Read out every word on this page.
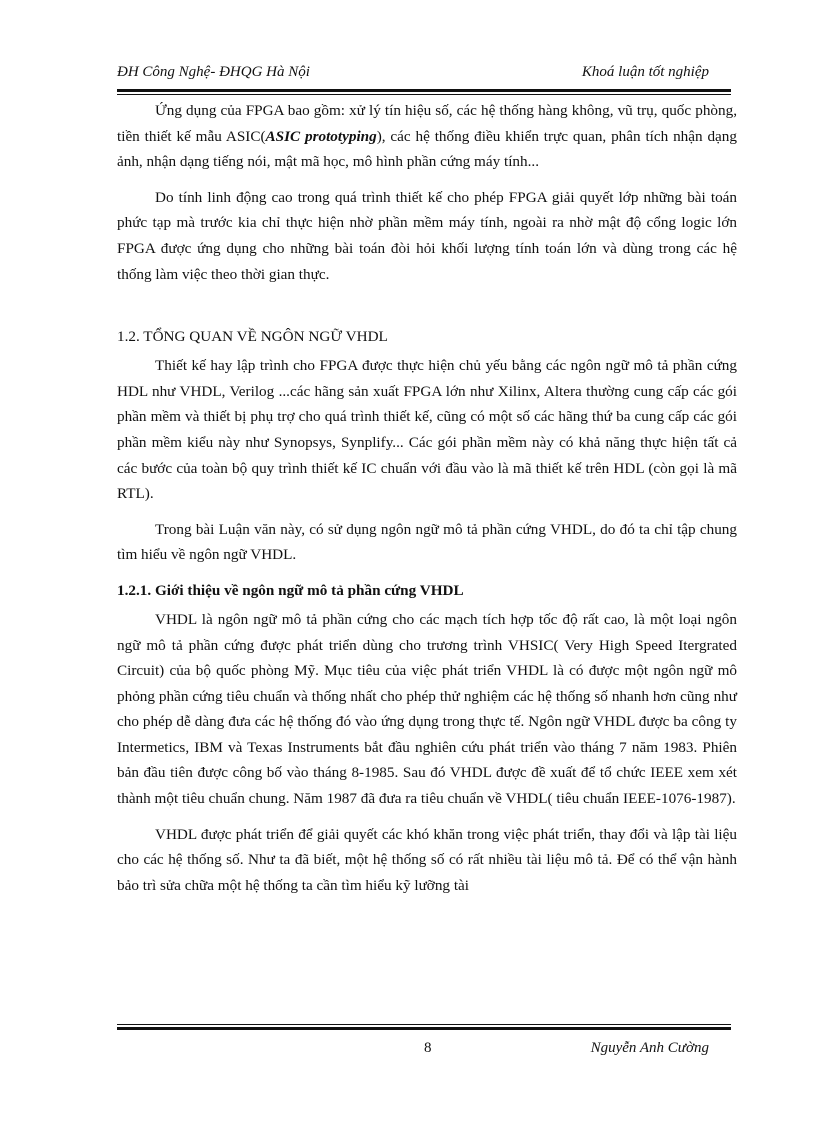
ĐH Công Nghệ- ĐHQG Hà Nội	Khoá luận tốt nghiệp

Ứng dụng của FPGA bao gồm: xử lý tín hiệu số, các hệ thống hàng không, vũ trụ, quốc phòng, tiền thiết kế mẫu ASIC(ASIC prototyping), các hệ thống điều khiển trực quan, phân tích nhận dạng ảnh, nhận dạng tiếng nói, mật mã học, mô hình phần cứng máy tính...

Do tính linh động cao trong quá trình thiết kế cho phép FPGA giải quyết lớp những bài toán phức tạp mà trước kia chỉ thực hiện nhờ phần mềm máy tính, ngoài ra nhờ mật độ cổng logic lớn FPGA được ứng dụng cho những bài toán đòi hỏi khối lượng tính toán lớn và dùng trong các hệ thống làm việc theo thời gian thực.

1.2. TỔNG QUAN VỀ NGÔN NGỮ VHDL

Thiết kế hay lập trình cho FPGA được thực hiện chủ yếu bằng các ngôn ngữ mô tả phần cứng HDL như VHDL, Verilog ...các hãng sản xuất FPGA lớn như Xilinx, Altera thường cung cấp các gói phần mềm và thiết bị phụ trợ cho quá trình thiết kế, cũng có một số các hãng thứ ba cung cấp các gói phần mềm kiểu này như Synopsys, Synplify... Các gói phần mềm này có khả năng thực hiện tất cả các bước của toàn bộ quy trình thiết kế IC chuẩn với đầu vào là mã thiết kế trên HDL (còn gọi là mã RTL).

Trong bài Luận văn này, có sử dụng ngôn ngữ mô tả phần cứng VHDL, do đó ta chỉ tập chung tìm hiểu về ngôn ngữ VHDL.

1.2.1. Giới thiệu về ngôn ngữ mô tả phần cứng VHDL

VHDL là ngôn ngữ mô tả phần cứng cho các mạch tích hợp tốc độ rất cao, là một loại ngôn ngữ mô tả phần cứng được phát triển dùng cho trương trình VHSIC( Very High Speed Itergrated Circuit) của bộ quốc phòng Mỹ. Mục tiêu của việc phát triển VHDL là có được một ngôn ngữ mô phỏng phần cứng tiêu chuẩn và thống nhất cho phép thử nghiệm các hệ thống số nhanh hơn cũng như cho phép dễ dàng đưa các hệ thống đó vào ứng dụng trong thực tế. Ngôn ngữ VHDL được ba công ty Intermetics, IBM và Texas Instruments bắt đầu nghiên cứu phát triển vào tháng 7 năm 1983. Phiên bản đầu tiên được công bố vào tháng 8-1985. Sau đó VHDL được đề xuất để tổ chức IEEE xem xét thành một tiêu chuẩn chung. Năm 1987 đã đưa ra tiêu chuẩn về VHDL( tiêu chuẩn IEEE-1076-1987).

VHDL được phát triển để giải quyết các khó khăn trong việc phát triển, thay đổi và lập tài liệu cho các hệ thống số. Như ta đã biết, một hệ thống số có rất nhiều tài liệu mô tả. Để có thể vận hành bảo trì sửa chữa một hệ thống ta cần tìm hiểu kỹ lưỡng tài

8	Nguyễn Anh Cường
